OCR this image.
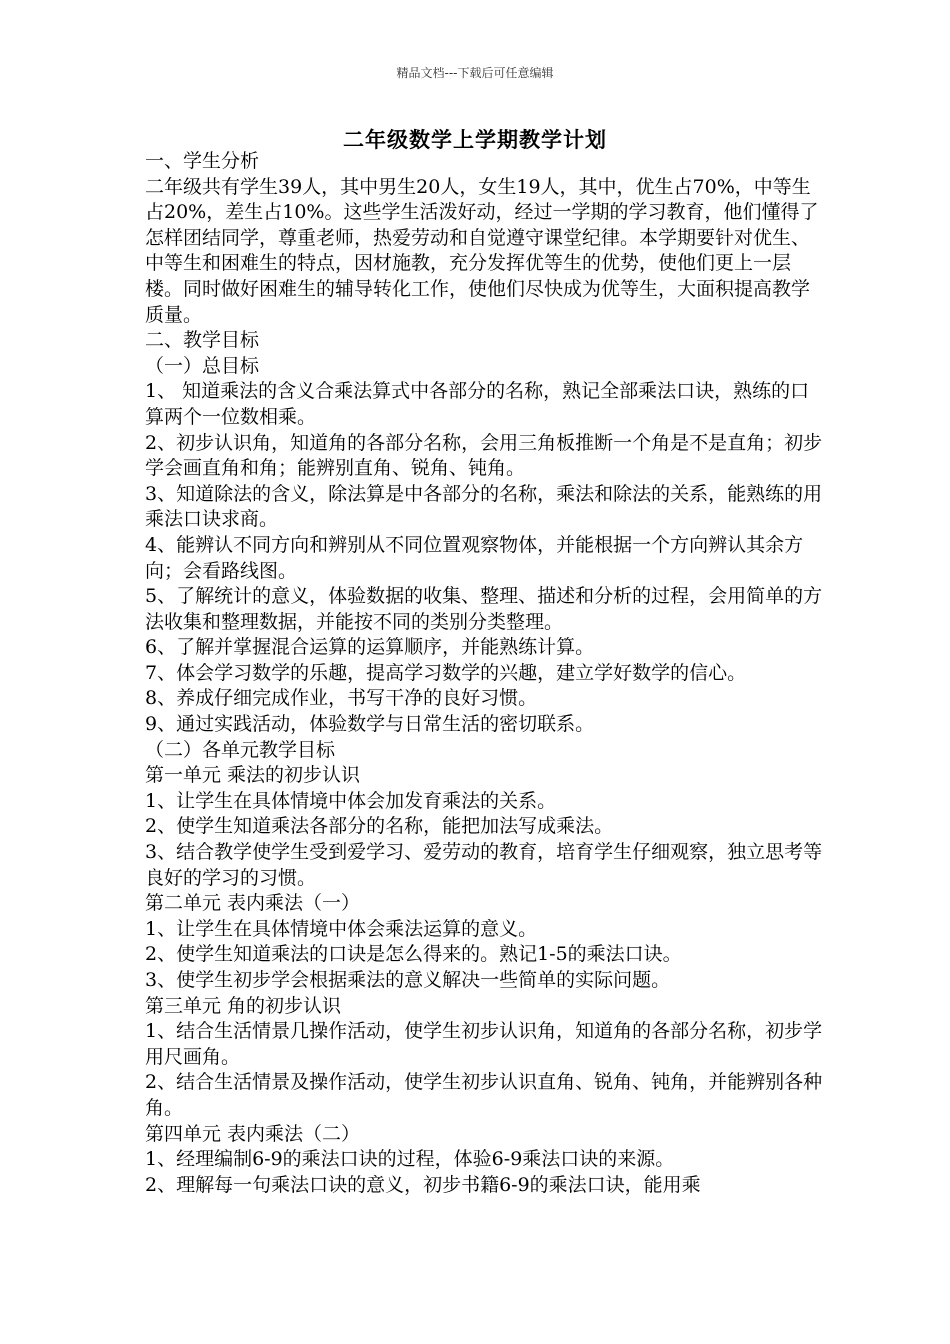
精品文档---下载后可任意编辑
二年级数学上学期教学计划

一、学生分析

二年级共有学生39人，其中男生20人，女生19人，其中，优生占70%，中等生占20%，差生占10%。这些学生活泼好动，经过一学期的学习教育，他们懂得了怎样团结同学，尊重老师，热爱劳动和自觉遵守课堂纪律。本学期要针对优生、中等生和困难生的特点，因材施教，充分发挥优等生的优势，使他们更上一层楼。同时做好困难生的辅导转化工作，使他们尽快成为优等生，大面积提高教学质量。

二、教学目标

（一）总目标

1、 知道乘法的含义合乘法算式中各部分的名称，熟记全部乘法口诀，熟练的口算两个一位数相乘。

2、初步认识角，知道角的各部分名称，会用三角板推断一个角是不是直角；初步学会画直角和角；能辨别直角、锐角、钝角。

3、知道除法的含义，除法算是中各部分的名称，乘法和除法的关系，能熟练的用乘法口诀求商。

4、能辨认不同方向和辨别从不同位置观察物体，并能根据一个方向辨认其余方向；会看路线图。

5、了解统计的意义，体验数据的收集、整理、描述和分析的过程，会用简单的方法收集和整理数据，并能按不同的类别分类整理。

6、了解并掌握混合运算的运算顺序，并能熟练计算。

7、体会学习数学的乐趣，提高学习数学的兴趣，建立学好数学的信心。

8、养成仔细完成作业，书写干净的良好习惯。

9、通过实践活动，体验数学与日常生活的密切联系。

（二）各单元教学目标

第一单元 乘法的初步认识

1、让学生在具体情境中体会加发育乘法的关系。

2、使学生知道乘法各部分的名称，能把加法写成乘法。

3、结合教学使学生受到爱学习、爱劳动的教育，培育学生仔细观察，独立思考等良好的学习的习惯。

第二单元 表内乘法（一）

1、让学生在具体情境中体会乘法运算的意义。

2、使学生知道乘法的口诀是怎么得来的。熟记1-5的乘法口诀。

3、使学生初步学会根据乘法的意义解决一些简单的实际问题。

第三单元 角的初步认识

1、结合生活情景几操作活动，使学生初步认识角，知道角的各部分名称，初步学用尺画角。

2、结合生活情景及操作活动，使学生初步认识直角、锐角、钝角，并能辨别各种角。

第四单元 表内乘法（二）

1、经理编制6-9的乘法口诀的过程，体验6-9乘法口诀的来源。

2、理解每一句乘法口诀的意义，初步书籍6-9的乘法口诀，能用乘
